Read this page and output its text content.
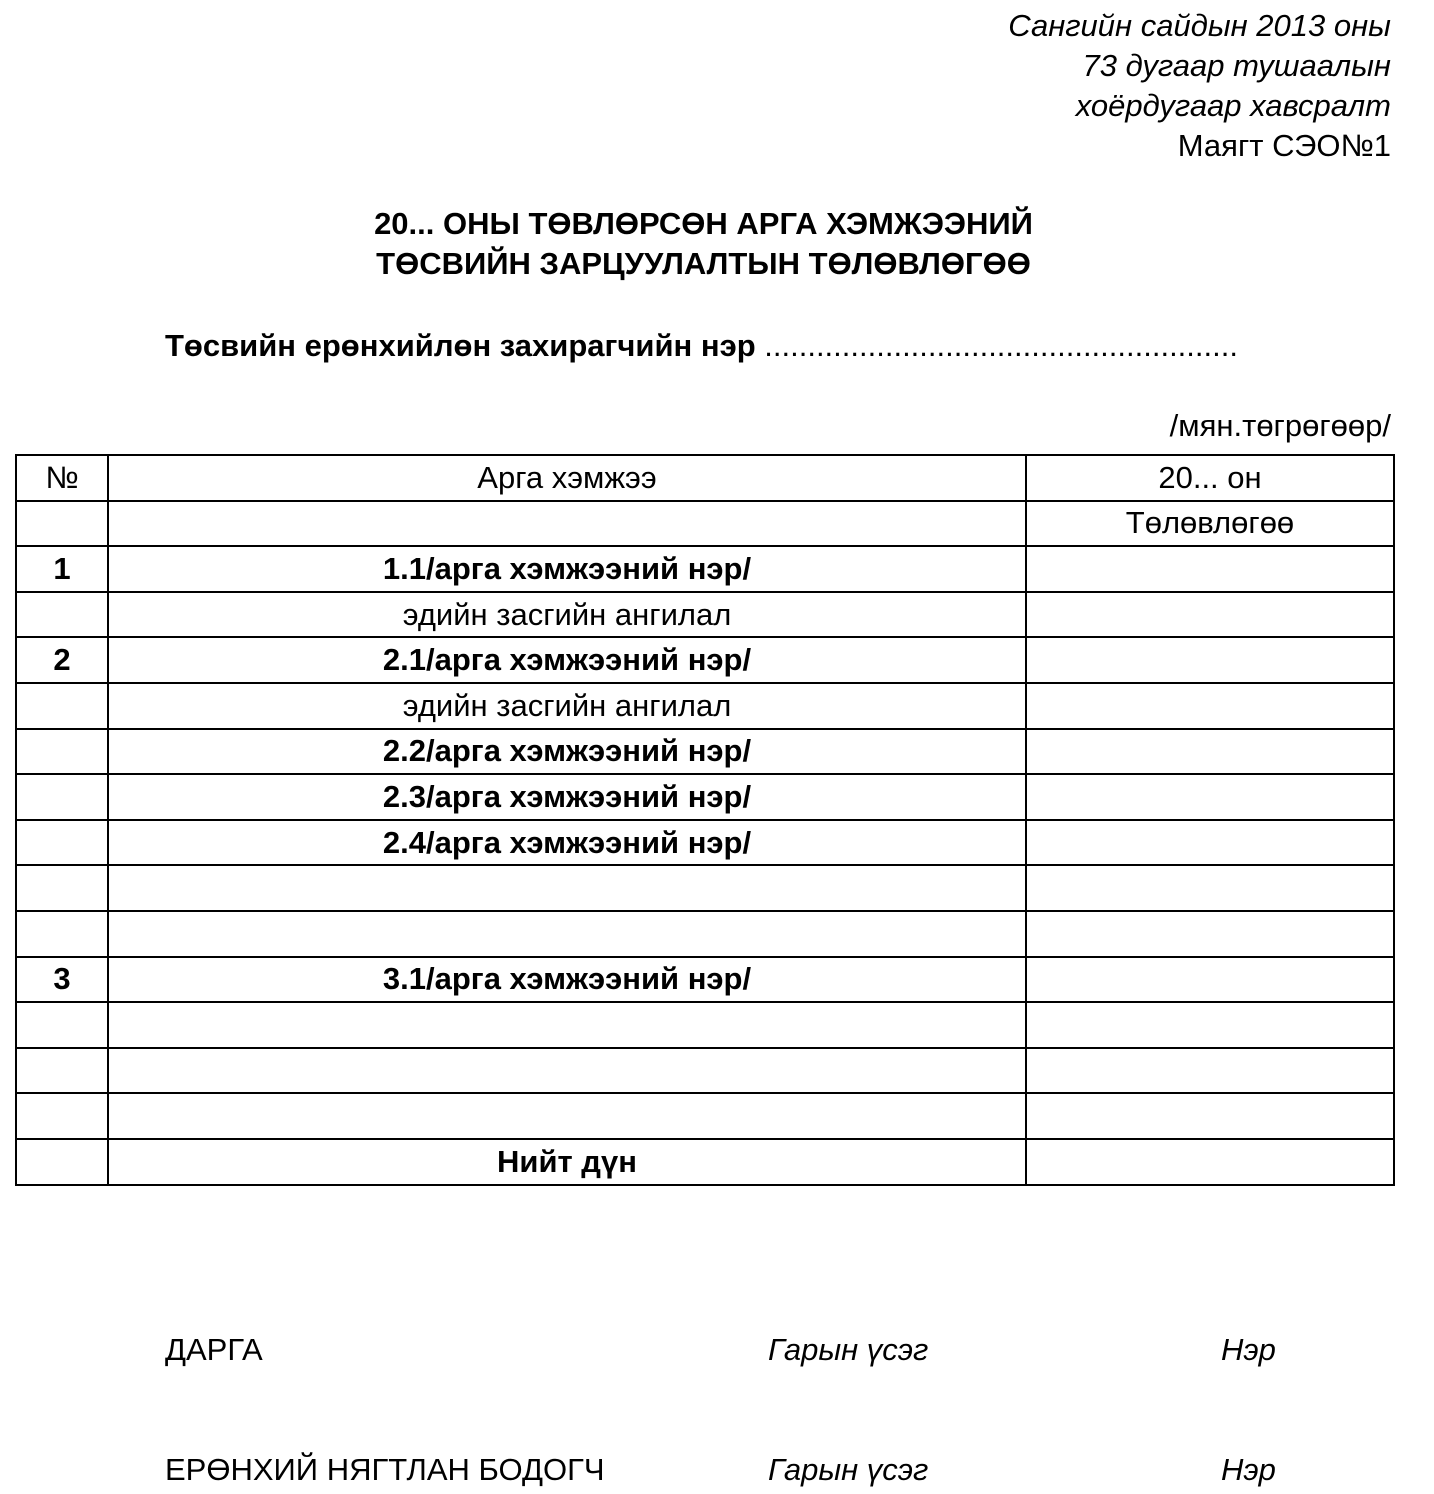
Сангийн сайдын 2013 оны
73 дугаар тушаалын
хоёрдугаар хавсралт
Маягт СЭО№1
20... ОНЫ ТӨВЛӨРСӨН АРГА ХЭМЖЭЭНИЙ
ТӨСВИЙН ЗАРЦУУЛАЛТЫН ТӨЛӨВЛӨГӨӨ
Төсвийн ерөнхийлөн захирагчийн нэр .......................................................
/мян.төгрөгөөр/
№	Арга хэмжээ	20... он
		Төлөвлөгөө
1	1.1/арга хэмжээний нэр/	
	эдийн засгийн ангилал	
2	2.1/арга хэмжээний нэр/	
	эдийн засгийн ангилал	
	2.2/арга хэмжээний нэр/	
	2.3/арга хэмжээний нэр/	
	2.4/арга хэмжээний нэр/	

3	3.1/арга хэмжээний нэр/	

	Нийт дүн	
ДАРГА	Гарын үсэг	Нэр
ЕРӨНХИЙ НЯГТЛАН БОДОГЧ	Гарын үсэг	Нэр
